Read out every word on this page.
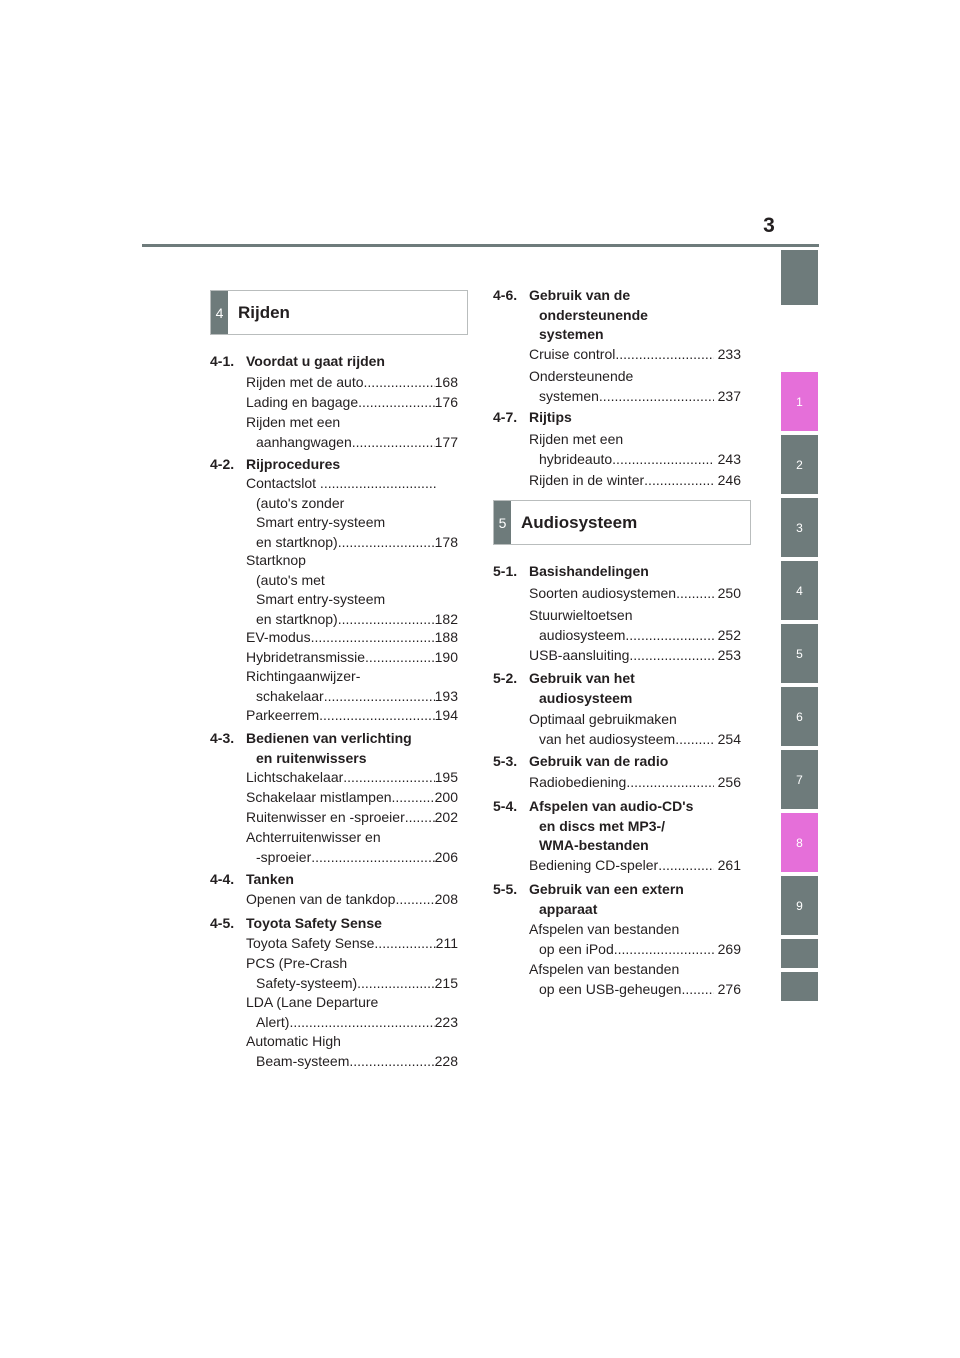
3
1
2
3
4
5
6
7
8
9
4 Rijden
4-1. Voordat u gaat rijden
Rijden met de auto .....	168
Lading en bagage .....	176
Rijden met een
aanhangwagen .....	177
4-2. Rijprocedures
Contactslot ..............................
(auto's zonder
Smart entry-systeem
en startknop) .....	178
Startknop
(auto's met
Smart entry-systeem
en startknop) .....	182
EV-modus .....	188
Hybridetransmissie .....	190
Richtingaanwijzer-
schakelaar .....	193
Parkeerrem .....	194
4-3. Bedienen van verlichting
en ruitenwissers
Lichtschakelaar .....	195
Schakelaar mistlampen .....	200
Ruitenwisser en -sproeier ..... 202
Achterruitenwisser en
-sproeier .....	206
4-4. Tanken
Openen van de tankdop .....	208
4-5. Toyota Safety Sense
Toyota Safety Sense .....	211
PCS (Pre-Crash
Safety-systeem) .....	215
LDA (Lane Departure
Alert) .....	223
Automatic High
Beam-systeem .....	228
4-6. Gebruik van de
ondersteunende
systemen
Cruise control .....	233
Ondersteunende
systemen .....	237
4-7. Rijtips
Rijden met een
hybrideauto .....	243
Rijden in de winter .....	246
5 Audiosysteem
5-1. Basishandelingen
Soorten audiosystemen .....	250
Stuurwieltoetsen
audiosysteem .....	252
USB-aansluiting .....	253
5-2. Gebruik van het
audiosysteem
Optimaal gebruikmaken
van het audiosysteem .....	254
5-3. Gebruik van de radio
Radiobediening .....	256
5-4. Afspelen van audio-CD's
en discs met MP3-/
WMA-bestanden
Bediening CD-speler .....	261
5-5. Gebruik van een extern
apparaat
Afspelen van bestanden
op een iPod .....	269
Afspelen van bestanden
op een USB-geheugen .....	276
